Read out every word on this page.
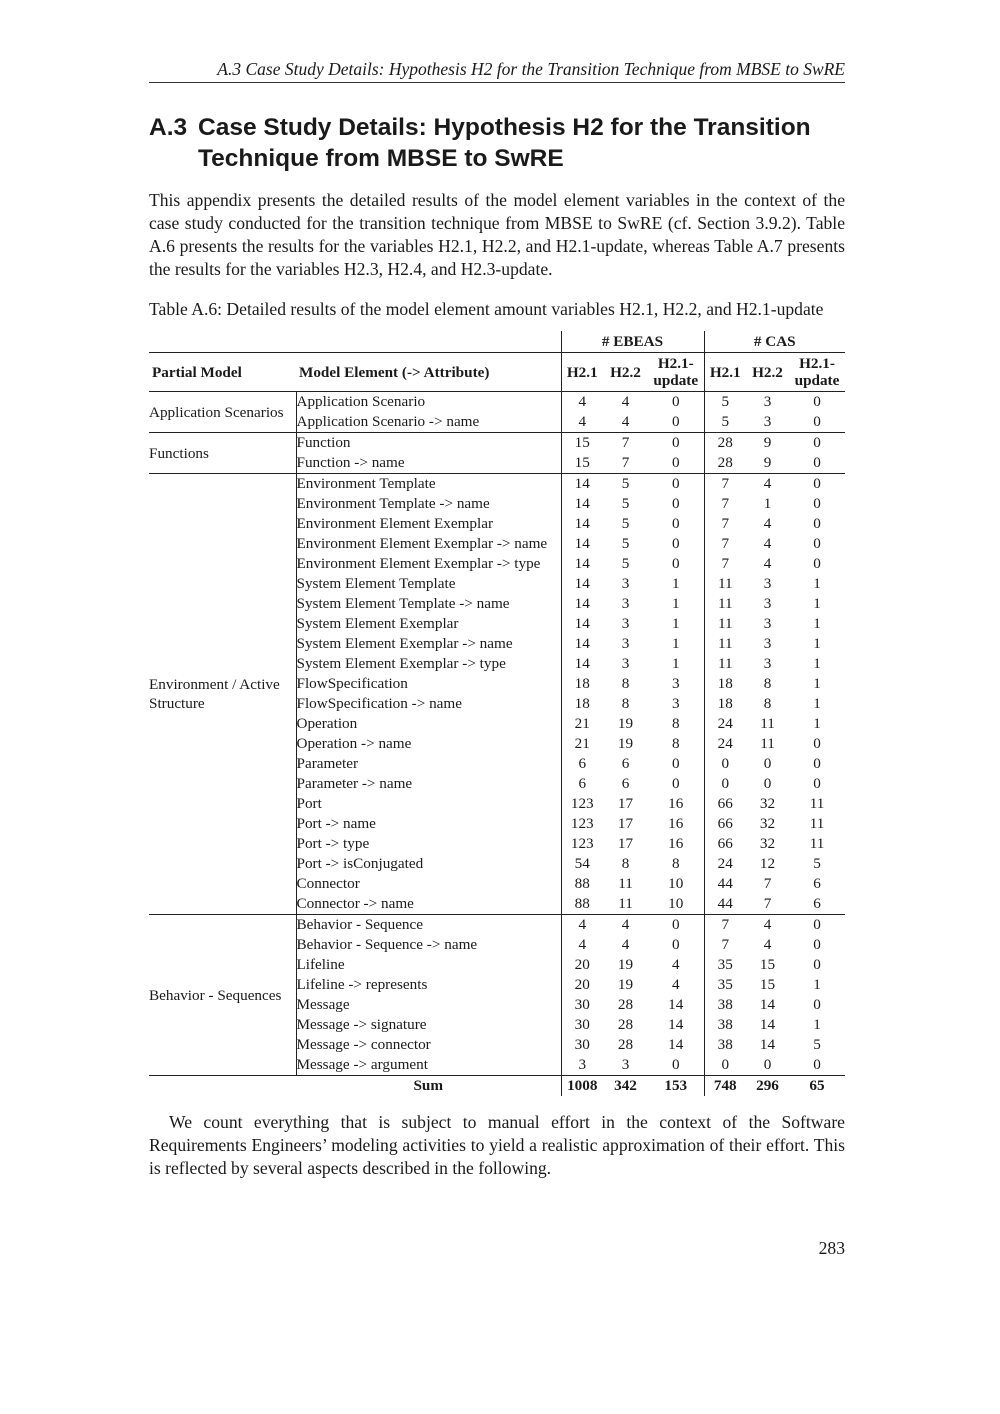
A.3 Case Study Details: Hypothesis H2 for the Transition Technique from MBSE to SwRE
A.3 Case Study Details: Hypothesis H2 for the Transition Technique from MBSE to SwRE
This appendix presents the detailed results of the model element variables in the context of the case study conducted for the transition technique from MBSE to SwRE (cf. Section 3.9.2). Table A.6 presents the results for the variables H2.1, H2.2, and H2.1-update, whereas Table A.7 presents the results for the variables H2.3, H2.4, and H2.3-update.
Table A.6: Detailed results of the model element amount variables H2.1, H2.2, and H2.1-update
		# EBEAS			# CAS		
Partial Model	Model Element (-> Attribute)	H2.1	H2.2	H2.1-update	H2.1	H2.2	H2.1-update
Application Scenarios	Application Scenario	4	4	0	5	3	0
	Application Scenario -> name	4	4	0	5	3	0
Functions	Function	15	7	0	28	9	0
	Function -> name	15	7	0	28	9	0
Environment / Active Structure	Environment Template	14	5	0	7	4	0
	Environment Template -> name	14	5	0	7	1	0
	Environment Element Exemplar	14	5	0	7	4	0
	Environment Element Exemplar -> name	14	5	0	7	4	0
	Environment Element Exemplar -> type	14	5	0	7	4	0
	System Element Template	14	3	1	11	3	1
	System Element Template -> name	14	3	1	11	3	1
	System Element Exemplar	14	3	1	11	3	1
	System Element Exemplar -> name	14	3	1	11	3	1
	System Element Exemplar -> type	14	3	1	11	3	1
	FlowSpecification	18	8	3	18	8	1
	FlowSpecification -> name	18	8	3	18	8	1
	Operation	21	19	8	24	11	1
	Operation -> name	21	19	8	24	11	0
	Parameter	6	6	0	0	0	0
	Parameter -> name	6	6	0	0	0	0
	Port	123	17	16	66	32	11
	Port -> name	123	17	16	66	32	11
	Port -> type	123	17	16	66	32	11
	Port -> isConjugated	54	8	8	24	12	5
	Connector	88	11	10	44	7	6
	Connector -> name	88	11	10	44	7	6
Behavior - Sequences	Behavior - Sequence	4	4	0	7	4	0
	Behavior - Sequence -> name	4	4	0	7	4	0
	Lifeline	20	19	4	35	15	0
	Lifeline -> represents	20	19	4	35	15	1
	Message	30	28	14	38	14	0
	Message -> signature	30	28	14	38	14	1
	Message -> connector	30	28	14	38	14	5
	Message -> argument	3	3	0	0	0	0
	Sum	1008	342	153	748	296	65
We count everything that is subject to manual effort in the context of the Software Requirements Engineers’ modeling activities to yield a realistic approximation of their effort. This is reflected by several aspects described in the following.
283
